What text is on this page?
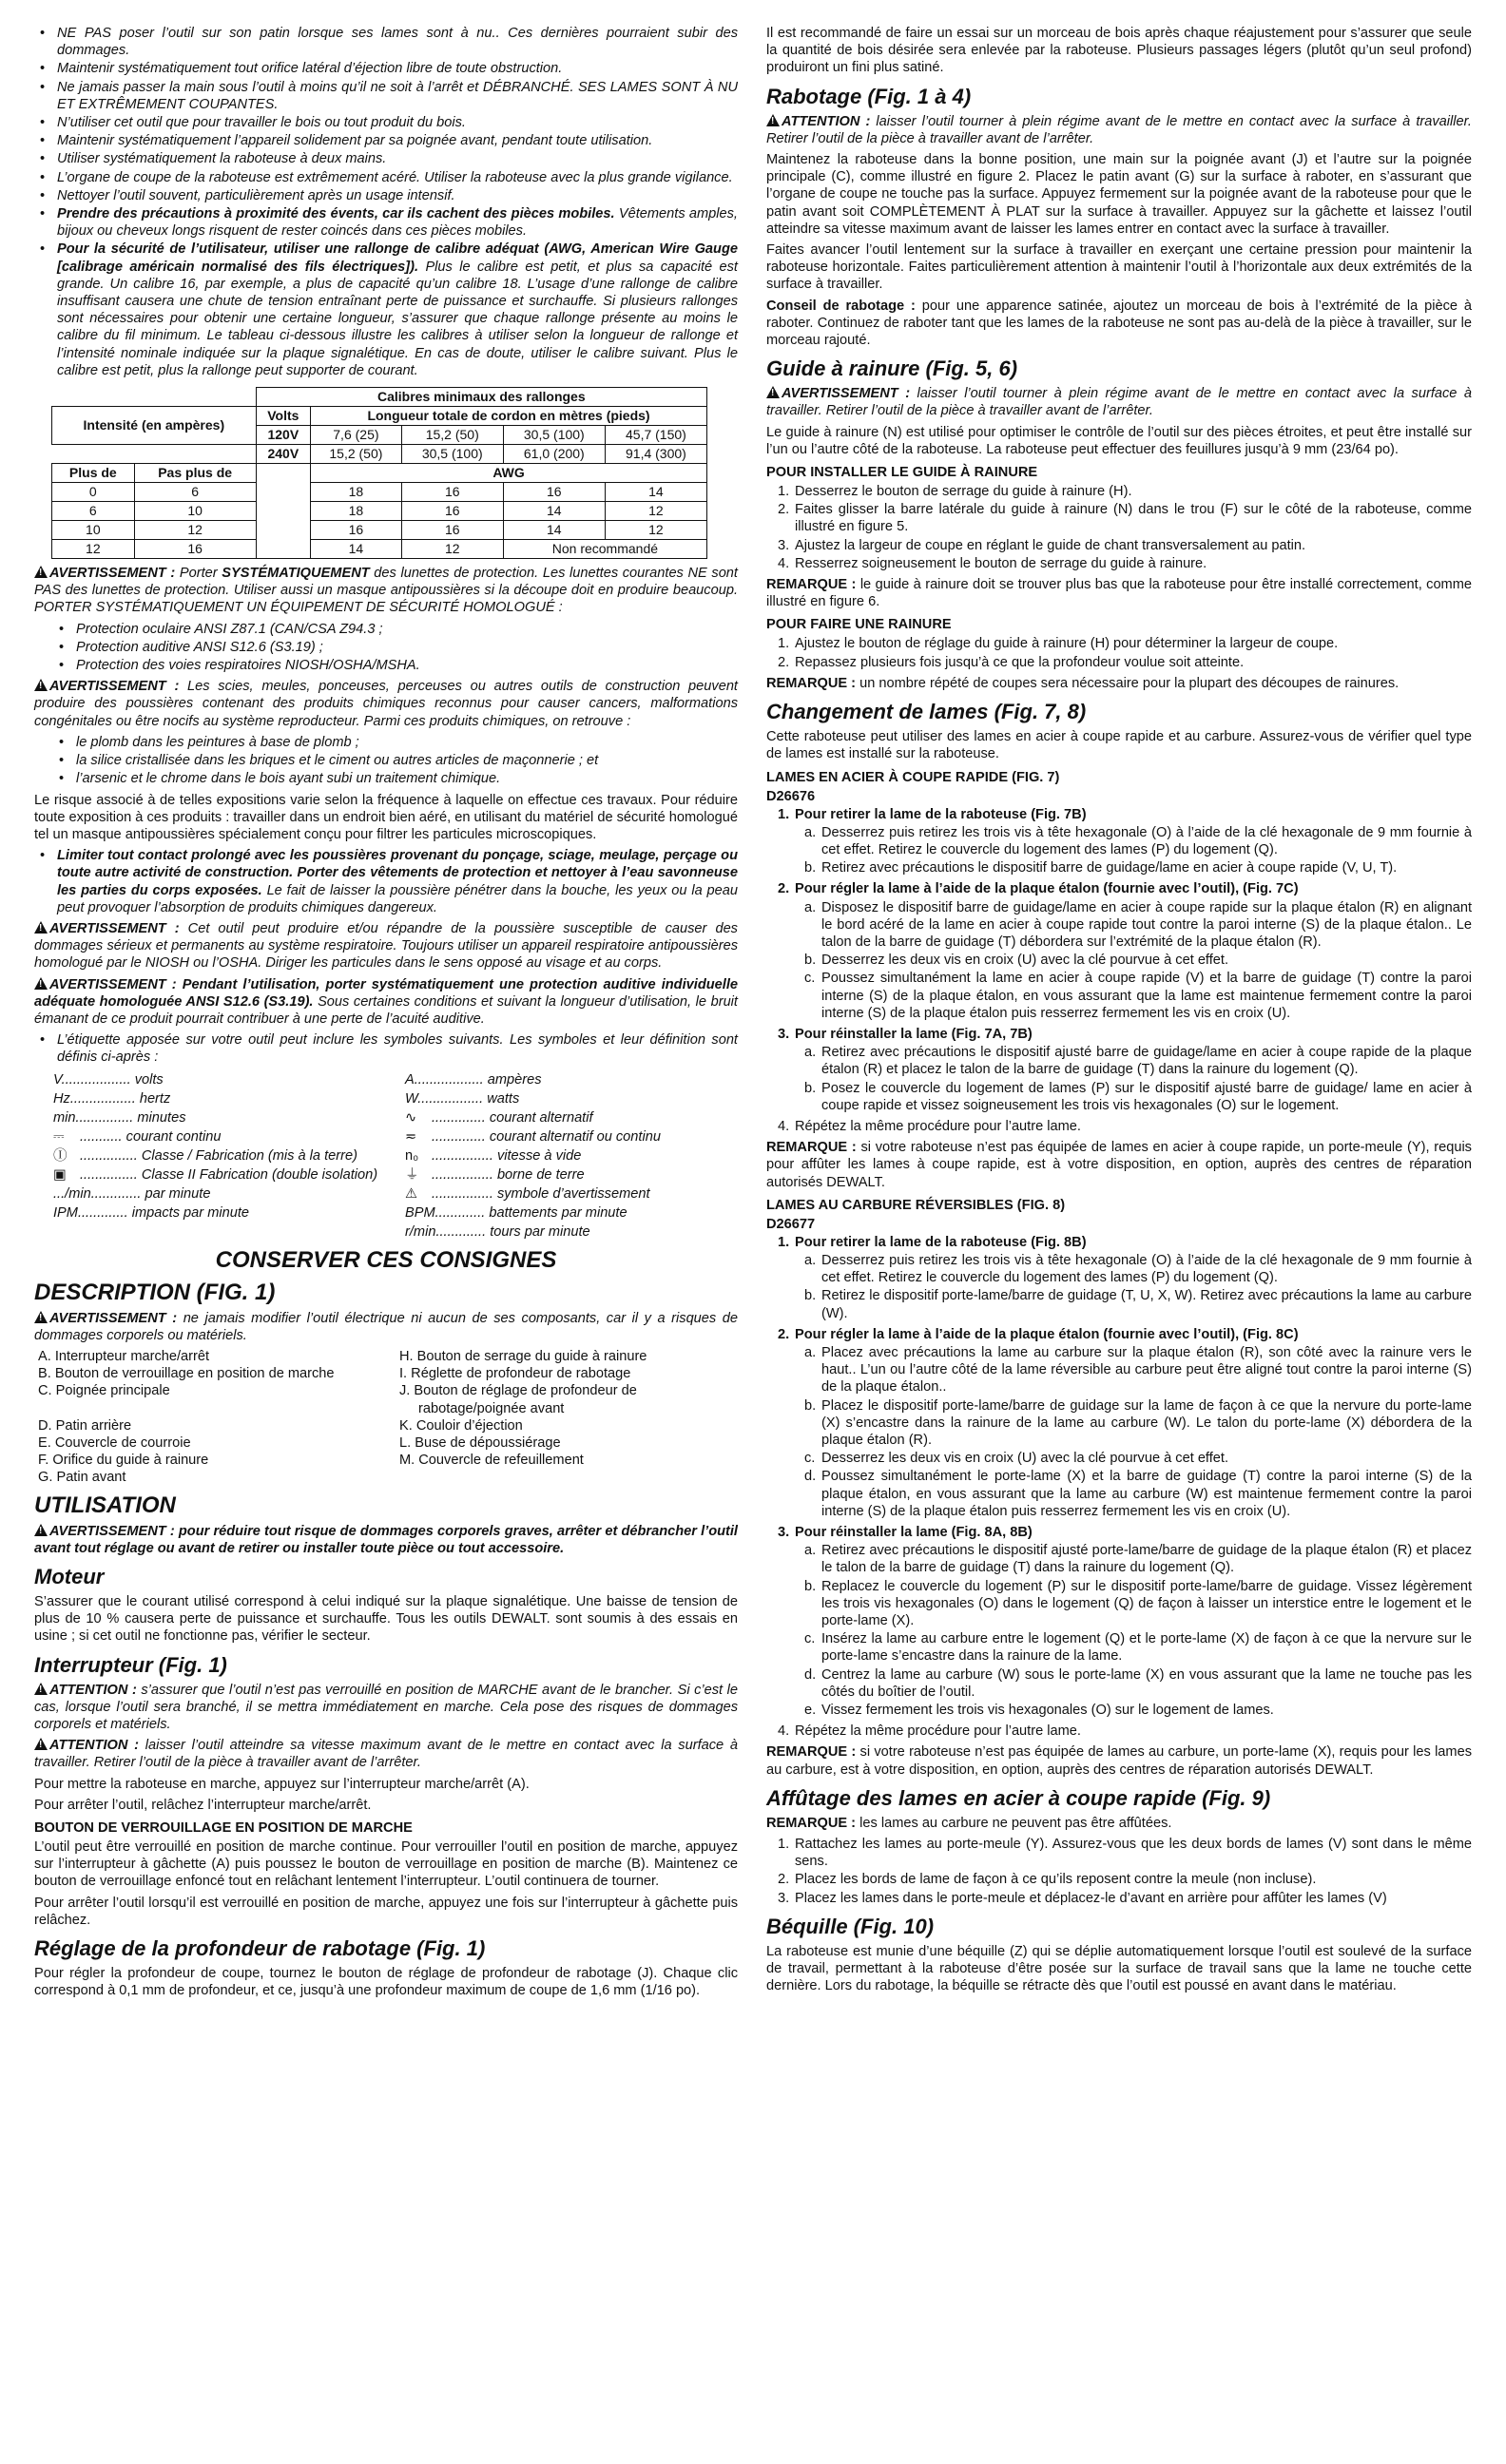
• NE PAS poser l’outil sur son patin lorsque ses lames sont à nu.. Ces dernières pourraient subir des dommages.
• Maintenir systématiquement tout orifice latéral d’éjection libre de toute obstruction.
• Ne jamais passer la main sous l’outil à moins qu’il ne soit à l’arrêt et DÉBRANCHÉ. SES LAMES SONT À NU ET EXTRÊMEMENT COUPANTES.
• N’utiliser cet outil que pour travailler le bois ou tout produit du bois.
• Maintenir systématiquement l’appareil solidement par sa poignée avant, pendant toute utilisation.
• Utiliser systématiquement la raboteuse à deux mains.
• L’organe de coupe de la raboteuse est extrêmement acéré. Utiliser la raboteuse avec la plus grande vigilance.
• Nettoyer l’outil souvent, particulièrement après un usage intensif.
• Prendre des précautions à proximité des évents, car ils cachent des pièces mobiles. Vêtements amples, bijoux ou cheveux longs risquent de rester coincés dans ces pièces mobiles.
• Pour la sécurité de l’utilisateur, utiliser une rallonge de calibre adéquat (AWG, American Wire Gauge [calibrage américain normalisé des fils électriques]). Plus le calibre est petit, et plus sa capacité est grande. Un calibre 16, par exemple, a plus de capacité qu’un calibre 18. L’usage d’une rallonge de calibre insuffisant causera une chute de tension entraînant perte de puissance et surchauffe. Si plusieurs rallonges sont nécessaires pour obtenir une certaine longueur, s’assurer que chaque rallonge présente au moins le calibre du fil minimum. Le tableau ci-dessous illustre les calibres à utiliser selon la longueur de rallonge et l’intensité nominale indiquée sur la plaque signalétique. En cas de doute, utiliser le calibre suivant. Plus le calibre est petit, plus la rallonge peut supporter de courant.
		Calibres minimaux des rallonges				
Intensité (en ampères)		Volts	Longueur totale de cordon en mètres (pieds)			
		120V	7,6 (25)	15,2 (50)	30,5 (100)	45,7 (150)
		240V	15,2 (50)	30,5 (100)	61,0 (200)	91,4 (300)
Plus de	Pas plus de		AWG			
0	6		18	16	16	14
6	10		18	16	14	12
10	12		16	16	14	12
12	16		14	12	Non recommandé	

!AVERTISSEMENT : Porter SYSTÉMATIQUEMENT des lunettes de protection. Les lunettes courantes NE sont PAS des lunettes de protection. Utiliser aussi un masque antipoussières si la découpe doit en produire beaucoup. PORTER SYSTÉMATIQUEMENT UN ÉQUIPEMENT DE SÉCURITÉ HOMOLOGUÉ :

• Protection oculaire ANSI Z87.1 (CAN/CSA Z94.3 ;
• Protection auditive ANSI S12.6 (S3.19) ;
• Protection des voies respiratoires NIOSH/OSHA/MSHA.

!AVERTISSEMENT : Les scies, meules, ponceuses, perceuses ou autres outils de construction peuvent produire des poussières contenant des produits chimiques reconnus pour causer cancers, malformations congénitales ou être nocifs au système reproducteur. Parmi ces produits chimiques, on retrouve :

• le plomb dans les peintures à base de plomb ;
• la silice cristallisée dans les briques et le ciment ou autres articles de maçonnerie ; et
• l’arsenic et le chrome dans le bois ayant subi un traitement chimique.

Le risque associé à de telles expositions varie selon la fréquence à laquelle on effectue ces travaux. Pour réduire toute exposition à ces produits : travailler dans un endroit bien aéré, en utilisant du matériel de sécurité homologué tel un masque antipoussières spécialement conçu pour filtrer les particules microscopiques.

• Limiter tout contact prolongé avec les poussières provenant du ponçage, sciage, meulage, perçage ou toute autre activité de construction. Porter des vêtements de protection et nettoyer à l’eau savonneuse les parties du corps exposées. Le fait de laisser la poussière pénétrer dans la bouche, les yeux ou la peau peut provoquer l’absorption de produits chimiques dangereux.

!AVERTISSEMENT : Cet outil peut produire et/ou répandre de la poussière susceptible de causer des dommages sérieux et permanents au système respiratoire. Toujours utiliser un appareil respiratoire antipoussières homologué par le NIOSH ou l’OSHA. Diriger les particules dans le sens opposé au visage et au corps.

!AVERTISSEMENT : Pendant l’utilisation, porter systématiquement une protection auditive individuelle adéquate homologuée ANSI S12.6 (S3.19). Sous certaines conditions et suivant la longueur d’utilisation, le bruit émanant de ce produit pourrait contribuer à une perte de l’acuité auditive.

• L’étiquette apposée sur votre outil peut inclure les symboles suivants. Les symboles et leur définition sont définis ci-après :
V.................. volts	A.................. ampères
Hz................. hertz	W................. watts
min............... minutes	∿ .............. courant alternatif
⎓ ........... courant continu	≂ .............. courant alternatif ou continu
Ⓘ ............... Classe / Fabrication (mis à la terre)	n₀ ................ vitesse à vide
▣ ............... Classe II Fabrication (double isolation)	⏚ ................ borne de terre
.../min............. par minute	⚠ ................ symbole d’avertissement
IPM............. impacts par minute	BPM............. battements par minute
r/min............. tours par minute
CONSERVER CES CONSIGNES
DESCRIPTION (FIG. 1)

!AVERTISSEMENT : ne jamais modifier l’outil électrique ni aucun de ses composants, car il y a risques de dommages corporels ou matériels.

A. Interrupteur marche/arrêt	H. Bouton de serrage du guide à rainure
B. Bouton de verrouillage en position de marche	I. Réglette de profondeur de rabotage
C. Poignée principale	J. Bouton de réglage de profondeur de rabotage/poignée avant
D. Patin arrière	K. Couloir d’éjection
E. Couvercle de courroie	L. Buse de dépoussiérage
F. Orifice du guide à rainure	M. Couvercle de refeuillement
G. Patin avant
UTILISATION

!AVERTISSEMENT : pour réduire tout risque de dommages corporels graves, arrêter et débrancher l’outil avant tout réglage ou avant de retirer ou installer toute pièce ou tout accessoire.

Moteur

S’assurer que le courant utilisé correspond à celui indiqué sur la plaque signalétique. Une baisse de tension de plus de 10 % causera perte de puissance et surchauffe. Tous les outils DEWALT. sont soumis à des essais en usine ; si cet outil ne fonctionne pas, vérifier le secteur.

Interrupteur (Fig. 1)

!ATTENTION : s’assurer que l’outil n’est pas verrouillé en position de MARCHE avant de le brancher. Si c’est le cas, lorsque l’outil sera branché, il se mettra immédiatement en marche. Cela pose des risques de dommages corporels et matériels.

!ATTENTION : laisser l’outil atteindre sa vitesse maximum avant de le mettre en contact avec la surface à travailler. Retirer l’outil de la pièce à travailler avant de l’arrêter.

Pour mettre la raboteuse en marche, appuyez sur l’interrupteur marche/arrêt (A).

Pour arrêter l’outil, relâchez l’interrupteur marche/arrêt.

BOUTON DE VERROUILLAGE EN POSITION DE MARCHE

L’outil peut être verrouillé en position de marche continue. Pour verrouiller l’outil en position de marche, appuyez sur l’interrupteur à gâchette (A) puis poussez le bouton de verrouillage en position de marche (B). Maintenez ce bouton de verrouillage enfoncé tout en relâchant lentement l’interrupteur. L’outil continuera de tourner.

Pour arrêter l’outil lorsqu’il est verrouillé en position de marche, appuyez une fois sur l’interrupteur à gâchette puis relâchez.

Réglage de la profondeur de rabotage (Fig. 1)

Pour régler la profondeur de coupe, tournez le bouton de réglage de profondeur de rabotage (J). Chaque clic correspond à 0,1 mm de profondeur, et ce, jusqu’à une profondeur maximum de coupe de 1,6 mm (1/16 po).

Il est recommandé de faire un essai sur un morceau de bois après chaque réajustement pour s’assurer que seule la quantité de bois désirée sera enlevée par la raboteuse. Plusieurs passages légers (plutôt qu’un seul profond) produiront un fini plus satiné.

Rabotage (Fig. 1 à 4)

!ATTENTION : laisser l’outil tourner à plein régime avant de le mettre en contact avec la surface à travailler. Retirer l’outil de la pièce à travailler avant de l’arrêter.

Maintenez la raboteuse dans la bonne position, une main sur la poignée avant (J) et l’autre sur la poignée principale (C), comme illustré en figure 2. Placez le patin avant (G) sur la surface à raboter, en s’assurant que l’organe de coupe ne touche pas la surface. Appuyez fermement sur la poignée avant de la raboteuse pour que le patin avant soit COMPLÈTEMENT À PLAT sur la surface à travailler. Appuyez sur la gâchette et laissez l’outil atteindre sa vitesse maximum avant de laisser les lames entrer en contact avec la surface à travailler.

Faites avancer l’outil lentement sur la surface à travailler en exerçant une certaine pression pour maintenir la raboteuse horizontale. Faites particulièrement attention à maintenir l’outil à l’horizontale aux deux extrémités de la surface à travailler.

Conseil de rabotage : pour une apparence satinée, ajoutez un morceau de bois à l’extrémité de la pièce à raboter. Continuez de raboter tant que les lames de la raboteuse ne sont pas au-delà de la pièce à travailler, sur le morceau rajouté.

Guide à rainure (Fig. 5, 6)

!AVERTISSEMENT : laisser l’outil tourner à plein régime avant de le mettre en contact avec la surface à travailler. Retirer l’outil de la pièce à travailler avant de l’arrêter.

Le guide à rainure (N) est utilisé pour optimiser le contrôle de l’outil sur des pièces étroites, et peut être installé sur l’un ou l’autre côté de la raboteuse. La raboteuse peut effectuer des feuillures jusqu’à 9 mm (23/64 po).

POUR INSTALLER LE GUIDE À RAINURE
1. Desserrez le bouton de serrage du guide à rainure (H).
2. Faites glisser la barre latérale du guide à rainure (N) dans le trou (F) sur le côté de la raboteuse, comme illustré en figure 5.
3. Ajustez la largeur de coupe en réglant le guide de chant transversalement au patin.
4. Resserrez soigneusement le bouton de serrage du guide à rainure.

REMARQUE : le guide à rainure doit se trouver plus bas que la raboteuse pour être installé correctement, comme illustré en figure 6.

POUR FAIRE UNE RAINURE
1. Ajustez le bouton de réglage du guide à rainure (H) pour déterminer la largeur de coupe.
2. Repassez plusieurs fois jusqu’à ce que la profondeur voulue soit atteinte.

REMARQUE : un nombre répété de coupes sera nécessaire pour la plupart des découpes de rainures.

Changement de lames (Fig. 7, 8)

Cette raboteuse peut utiliser des lames en acier à coupe rapide et au carbure. Assurez-vous de vérifier quel type de lames est installé sur la raboteuse.

LAMES EN ACIER À COUPE RAPIDE (FIG. 7)
D26676
1. Pour retirer la lame de la raboteuse (Fig. 7B)
a. Desserrez puis retirez les trois vis à tête hexagonale (O) à l’aide de la clé hexagonale de 9 mm fournie à cet effet. Retirez le couvercle du logement des lames (P) du logement (Q).
b. Retirez avec précautions le dispositif barre de guidage/lame en acier à coupe rapide (V, U, T).
2. Pour régler la lame à l’aide de la plaque étalon (fournie avec l’outil), (Fig. 7C)
a. Disposez le dispositif barre de guidage/lame en acier à coupe rapide sur la plaque étalon (R) en alignant le bord acéré de la lame en acier à coupe rapide tout contre la paroi interne (S) de la plaque étalon.. Le talon de la barre de guidage (T) débordera sur l’extrémité de la plaque étalon (R).
b. Desserrez les deux vis en croix (U) avec la clé pourvue à cet effet.
c. Poussez simultanément la lame en acier à coupe rapide (V) et la barre de guidage (T) contre la paroi interne (S) de la plaque étalon, en vous assurant que la lame est maintenue fermement contre la paroi interne (S) de la plaque étalon puis resserrez fermement les vis en croix (U).
3. Pour réinstaller la lame (Fig. 7A, 7B)
a. Retirez avec précautions le dispositif ajusté barre de guidage/lame en acier à coupe rapide de la plaque étalon (R) et placez le talon de la barre de guidage (T) dans la rainure du logement (Q).
b. Posez le couvercle du logement de lames (P) sur le dispositif ajusté barre de guidage/ lame en acier à coupe rapide et vissez soigneusement les trois vis hexagonales (O) sur le logement.
4. Répétez la même procédure pour l’autre lame.

REMARQUE : si votre raboteuse n’est pas équipée de lames en acier à coupe rapide, un porte-meule (Y), requis pour affûter les lames à coupe rapide, est à votre disposition, en option, auprès des centres de réparation autorisés DEWALT.

LAMES AU CARBURE RÉVERSIBLES (FIG. 8)
D26677
1. Pour retirer la lame de la raboteuse (Fig. 8B)
a. Desserrez puis retirez les trois vis à tête hexagonale (O) à l’aide de la clé hexagonale de 9 mm fournie à cet effet. Retirez le couvercle du logement des lames (P) du logement (Q).
b. Retirez le dispositif porte-lame/barre de guidage (T, U, X, W). Retirez avec précautions la lame au carbure (W).
2. Pour régler la lame à l’aide de la plaque étalon (fournie avec l’outil), (Fig. 8C)
a. Placez avec précautions la lame au carbure sur la plaque étalon (R), son côté avec la rainure vers le haut.. L’un ou l’autre côté de la lame réversible au carbure peut être aligné tout contre la paroi interne (S) de la plaque étalon..
b. Placez le dispositif porte-lame/barre de guidage sur la lame de façon à ce que la nervure du porte-lame (X) s’encastre dans la rainure de la lame au carbure (W). Le talon du porte-lame (X) débordera de la plaque étalon (R).
c. Desserrez les deux vis en croix (U) avec la clé pourvue à cet effet.
d. Poussez simultanément le porte-lame (X) et la barre de guidage (T) contre la paroi interne (S) de la plaque étalon, en vous assurant que la lame au carbure (W) est maintenue fermement contre la paroi interne (S) de la plaque étalon puis resserrez fermement les vis en croix (U).
3. Pour réinstaller la lame (Fig. 8A, 8B)
a. Retirez avec précautions le dispositif ajusté porte-lame/barre de guidage de la plaque étalon (R) et placez le talon de la barre de guidage (T) dans la rainure du logement (Q).
b. Replacez le couvercle du logement (P) sur le dispositif porte-lame/barre de guidage. Vissez légèrement les trois vis hexagonales (O) dans le logement (Q) de façon à laisser un interstice entre le logement et le porte-lame (X).
c. Insérez la lame au carbure entre le logement (Q) et le porte-lame (X) de façon à ce que la nervure sur le porte-lame s’encastre dans la rainure de la lame.
d. Centrez la lame au carbure (W) sous le porte-lame (X) en vous assurant que la lame ne touche pas les côtés du boîtier de l’outil.
e. Vissez fermement les trois vis hexagonales (O) sur le logement de lames.
4. Répétez la même procédure pour l’autre lame.

REMARQUE : si votre raboteuse n’est pas équipée de lames au carbure, un porte-lame (X), requis pour les lames au carbure, est à votre disposition, en option, auprès des centres de réparation autorisés DEWALT.

Affûtage des lames en acier à coupe rapide (Fig. 9)

REMARQUE : les lames au carbure ne peuvent pas être affûtées.

1. Rattachez les lames au porte-meule (Y). Assurez-vous que les deux bords de lames (V) sont dans le même sens.
2. Placez les bords de lame de façon à ce qu’ils reposent contre la meule (non incluse).
3. Placez les lames dans le porte-meule et déplacez-le d’avant en arrière pour affûter les lames (V)
Béquille (Fig. 10)

La raboteuse est munie d’une béquille (Z) qui se déplie automatiquement lorsque l’outil est soulevé de la surface de travail, permettant à la raboteuse d’être posée sur la surface de travail sans que la lame ne touche cette dernière. Lors du rabotage, la béquille se rétracte dès que l’outil est poussé en avant dans le matériau.
